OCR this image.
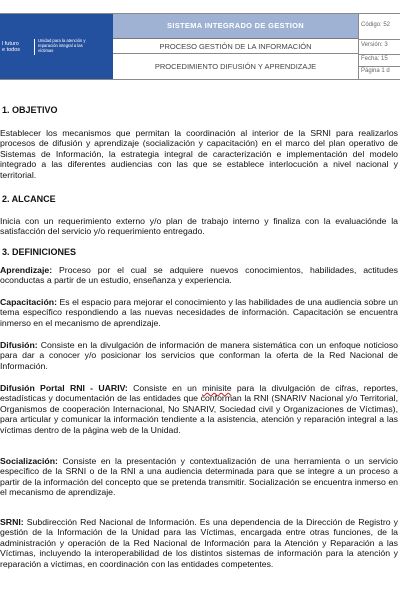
l futuro
e todos
Unidad para la atención y reparación integral a las víctimas
SISTEMA INTEGRADO DE GESTION
PROCESO GESTIÓN DE LA INFORMACIÓN
PROCEDIMIENTO DIFUSIÓN Y APRENDIZAJE
Código: 52
Versión: 3
Fecha: 15
Página 1 d
1. OBJETIVO
Establecer los mecanismos que permitan la coordinación al interior de la SRNI para realizarlos procesos de difusión y aprendizaje (socialización y capacitación) en el marco del plan operativo de Sistemas de Información, la estrategia integral de caracterización e implementación del modelo integrado a las diferentes audiencias con las que se establece interlocución a nivel nacional y territorial.
2. ALCANCE
Inicia con un requerimiento externo y/o plan de trabajo interno y finaliza con la evaluaciónde la satisfacción del servicio y/o requerimiento entregado.
3. DEFINICIONES
Aprendizaje: Proceso por el cual se adquiere nuevos conocimientos, habilidades, actitudes oconductas a partir de un estudio, enseñanza y experiencia.
Capacitación: Es el espacio para mejorar el conocimiento y las habilidades de una audiencia sobre un tema específico respondiendo a las nuevas necesidades de información. Capacitación se encuentra inmerso en el mecanismo de aprendizaje.
Difusión: Consiste en la divulgación de información de manera sistemática con un enfoque noticioso para dar a conocer y/o posicionar los servicios que conforman la oferta de la Red Nacional de Información.
Difusión Portal RNI - UARIV: Consiste en un minisite para la divulgación de cifras, reportes, estadísticas y documentación de las entidades que conforman la RNI (SNARIV Nacional y/o Territorial, Organismos de cooperación Internacional, No SNARIV, Sociedad civil y Organizaciones de Víctimas), para articular y comunicar la información tendiente a la asistencia, atención y reparación integral a las víctimas dentro de la página web de la Unidad.
Socialización: Consiste en la presentación y contextualización de una herramienta o un servicio específico de la SRNI o de la RNI a una audiencia determinada para que se integre a un proceso a partir de la información del concepto que se pretenda transmitir. Socialización se encuentra inmerso en el mecanismo de aprendizaje.
SRNI: Subdirección Red Nacional de Información. Es una dependencia de la Dirección de Registro y gestión de la Información de la Unidad para las Víctimas, encargada entre otras funciones, de la administración y operación de la Red Nacional de Información para la Atención y Reparación a las Víctimas, incluyendo la interoperabilidad de los distintos sistemas de información para la atención y reparación a víctimas, en coordinación con las entidades competentes.
